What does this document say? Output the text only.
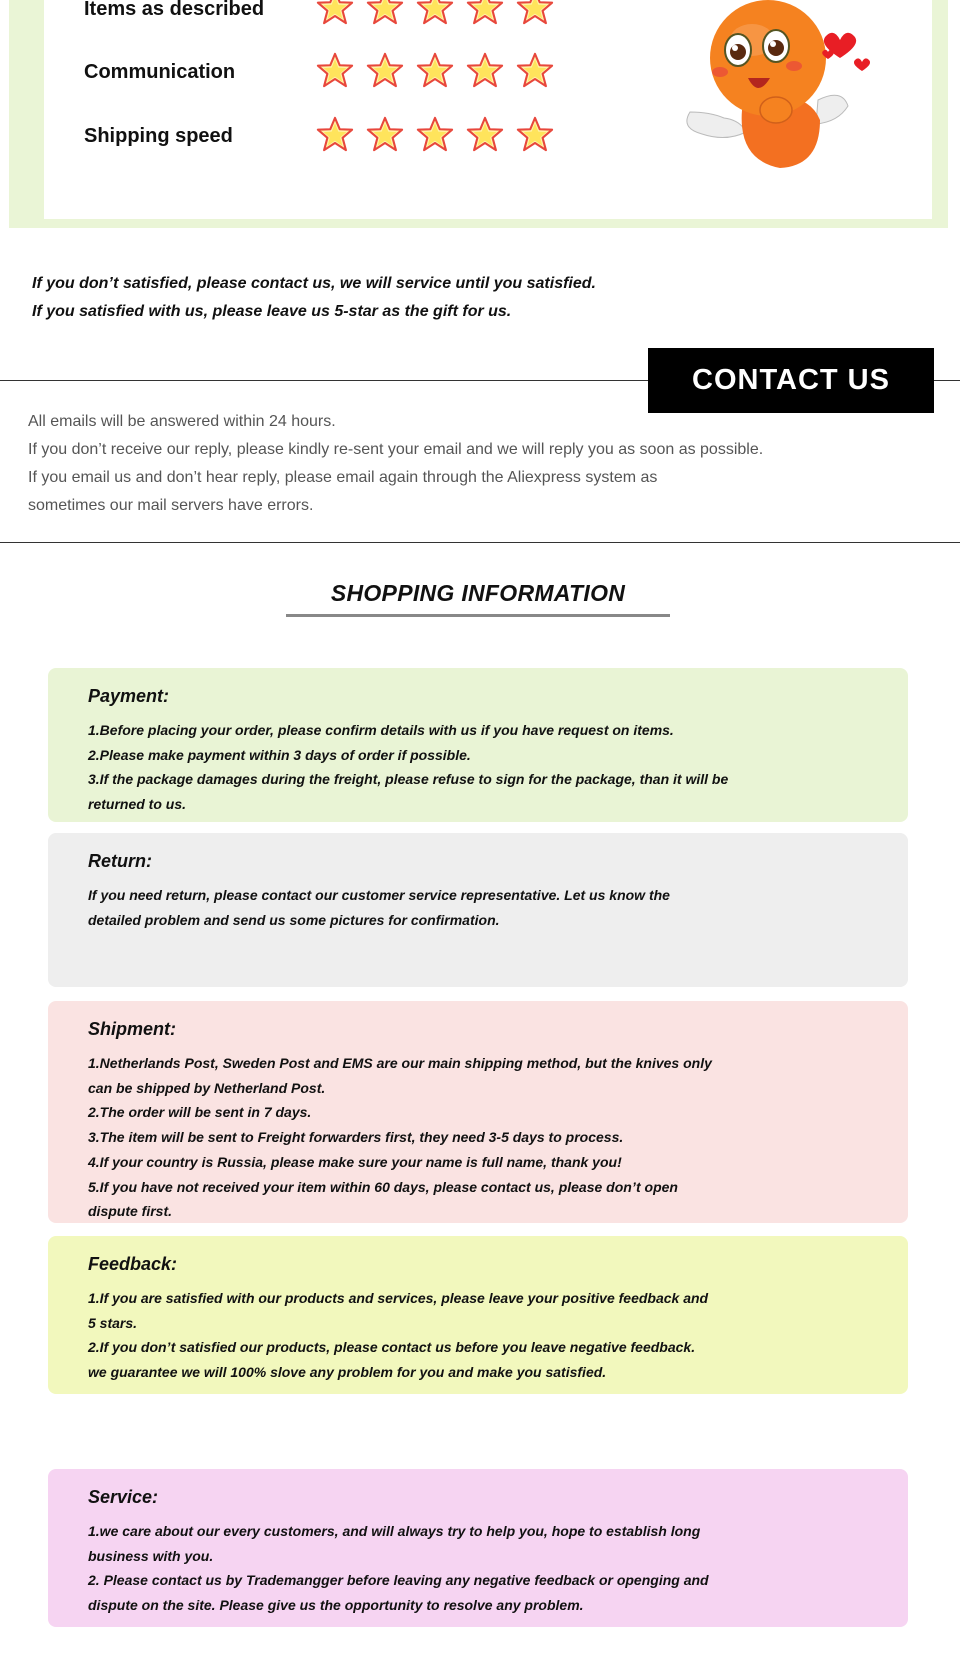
Items as described
Communication
Shipping speed
If you don’t satisfied, please contact us, we will service until you satisfied.
If you satisfied with us, please leave us 5-star as the gift for us.
CONTACT US
All emails will be answered within 24 hours.
If you don’t receive our reply, please kindly re-sent your email and we will reply you as soon as possible.
If you email us and don’t hear reply, please email again through the Aliexpress system as
sometimes our mail servers have errors.
SHOPPING INFORMATION
Payment:
1.Before placing your order, please confirm details with us if you have request on items.
2.Please make payment within 3 days of order if possible.
3.If the package damages during the freight, please refuse to sign for the package, than it will be
returned to us.
Return:
If you need return, please contact our customer service representative. Let us know the
detailed problem and send us some pictures for confirmation.
Shipment:
1.Netherlands Post, Sweden Post and EMS are our main shipping method, but the knives only
can be shipped by Netherland Post.
2.The order will be sent in 7 days.
3.The item will be sent to Freight forwarders first, they need 3-5 days to process.
4.If your country is Russia, please make sure your name is full name, thank you!
5.If you have not received your item within 60 days, please contact us, please don’t open
dispute first.
Feedback:
1.If you are satisfied with our products and services, please leave your positive feedback and
5 stars.
2.If you don’t satisfied our products, please contact us before you leave negative feedback.
we guarantee we will 100% slove any problem for you and make you satisfied.
Service:
1.we care about our every customers, and will always try to help you, hope to establish long
business with you.
2. Please contact us by Trademangger before leaving any negative feedback or openging and
dispute on the site. Please give us the opportunity to resolve any problem.
